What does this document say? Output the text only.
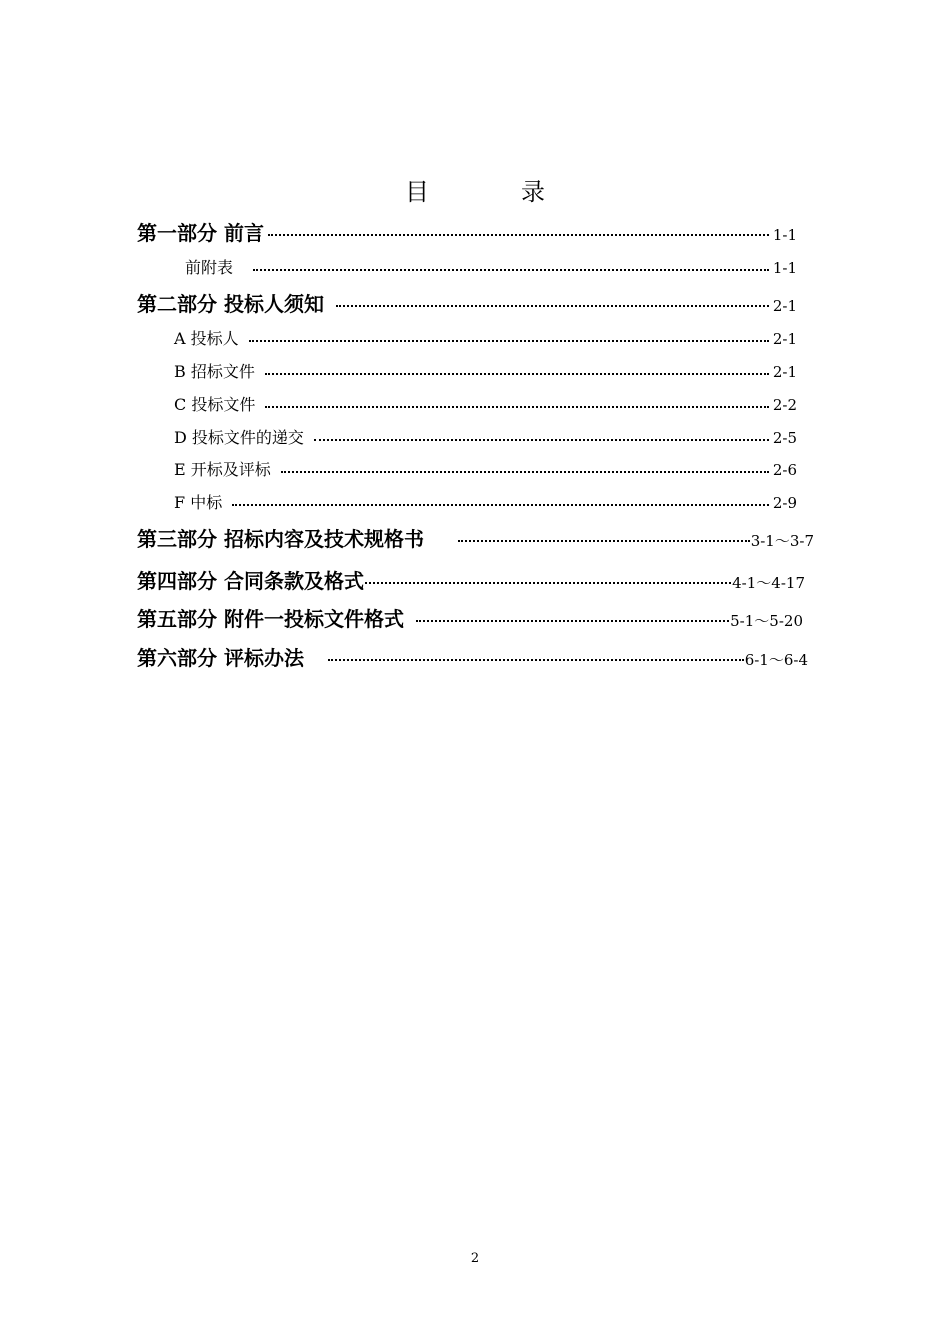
目　录
第一部分 前言	1-1
前附表	1-1
第二部分 投标人须知	2-1
A 投标人	2-1
B 招标文件	2-1
C 投标文件	2-2
D 投标文件的递交	2-5
E 开标及评标	2-6
F 中标	2-9
第三部分 招标内容及技术规格书	3-1～3-7
第四部分 合同条款及格式	4-1～4-17
第五部分 附件一投标文件格式	5-1～5-20
第六部分 评标办法	6-1～6-4
2
